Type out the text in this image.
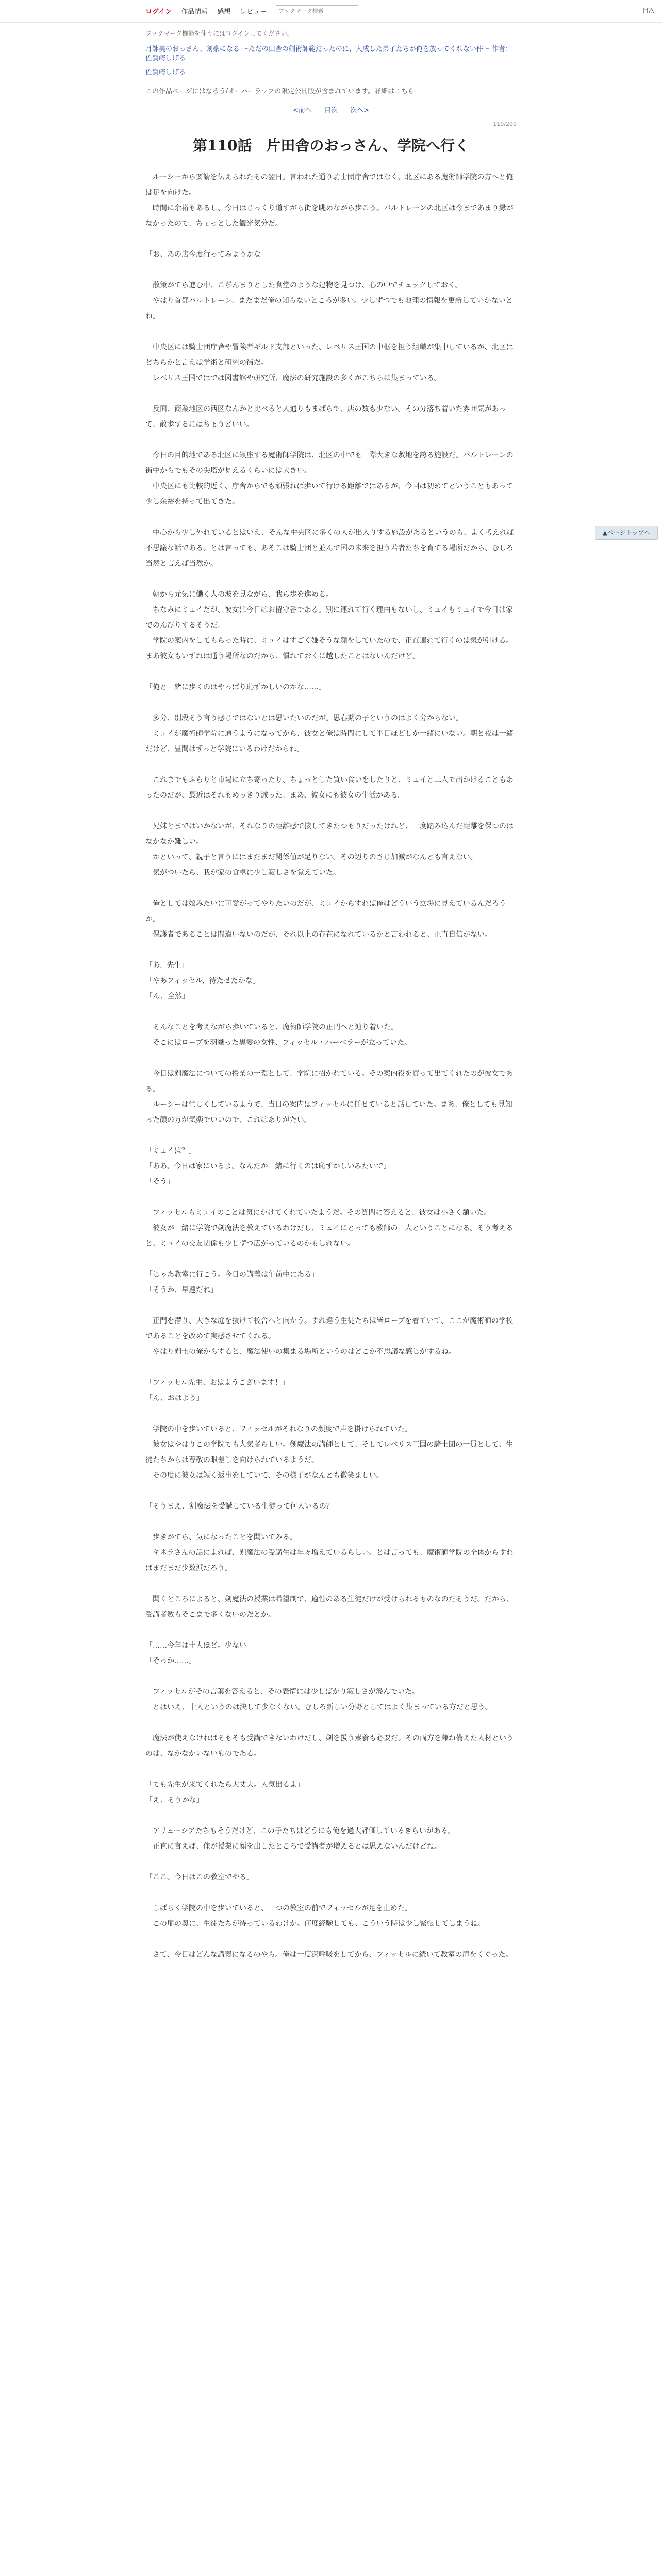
ログイン 作品情報 感想 レビュー
ブックマーク検索	目次

ブックマーク機能を使うにはログインしてください。

月詠美のおっさん、剣豪になる 〜ただの田舎の剣術師範だったのに、大成した弟子たちが俺を放ってくれない件〜 作者：佐賀崎しげる

佐賀崎しげる

この作品ページにはなろう/オーバーラップの限定公開版が含まれています。詳細はこちら

<前へ 目次 次へ>
110/299
第110話　片田舎のおっさん、学院へ行く

　ルーシーから要請を伝えられたその翌日。言われた通り騎士団庁舎ではなく、北区にある魔術師学院の方へと俺は足を向けた。

　時間に余裕もあるし、今日はじっくり道すがら街を眺めながら歩こう。バルトレーンの北区は今まであまり縁がなかったので、ちょっとした観光気分だ。

「お、あの店今度行ってみようかな」

　散策がてら進む中、こぢんまりとした食堂のような建物を見つけ、心の中でチェックしておく。

　やはり首都バルトレーン、まだまだ俺の知らないところが多い。少しずつでも地理の情報を更新していかないとね。

　中央区には騎士団庁舎や冒険者ギルド支部といった、レベリス王国の中枢を担う組織が集中しているが、北区はどちらかと言えば学術と研究の街だ。

　レベリス王国ではでは図書館や研究所、魔法の研究施設の多くがこちらに集まっている。

　反面、商業地区の西区なんかと比べると人通りもまばらで、店の数も少ない。その分落ち着いた雰囲気があって、散歩するにはちょうどいい。

　今日の目的地である北区に鎮座する魔術師学院は、北区の中でも一際大きな敷地を誇る施設だ。バルトレーンの街中からでもその尖塔が見えるくらいには大きい。

　中央区にも比較的近く、庁舎からでも頑張れば歩いて行ける距離ではあるが、今回は初めてということもあって少し余裕を持って出てきた。

　中心から少し外れているとはいえ、そんな中央区に多くの人が出入りする施設があるというのも、よく考えれば不思議な話である。とは言っても、あそこは騎士団と並んで国の未来を担う若者たちを育てる場所だから、むしろ当然と言えば当然か。

　朝から元気に働く人の波を見ながら、我ら歩を進める。

　ちなみにミュイだが、彼女は今日はお留守番である。別に連れて行く理由もないし、ミュイもミュイで今日は家でのんびりするそうだ。

　学院の案内をしてもらった時に、ミュイはすごく嫌そうな顔をしていたので、正直連れて行くのは気が引ける。まあ彼女もいずれは通う場所なのだから、慣れておくに越したことはないんだけど。

「俺と一緒に歩くのはやっぱり恥ずかしいのかな……」

　多分、別段そう言う感じではないとは思いたいのだが。思春期の子というのはよく分からない。

　ミュイが魔術師学院に通うようになってから、彼女と俺は時間にして半日ほどしか一緒にいない。朝と夜は一緒だけど、昼間はずっと学院にいるわけだからね。

　これまでもふらりと市場に立ち寄ったり、ちょっとした買い食いをしたりと、ミュイと二人で出かけることもあったのだが、最近はそれもめっきり減った。まあ、彼女にも彼女の生活がある。

　兄妹とまではいかないが、それなりの距離感で接してきたつもりだったけれど、一度踏み込んだ距離を保つのはなかなか難しい。

　かといって、親子と言うにはまだまだ関係値が足りない。その辺りのさじ加減がなんとも言えない。

　気がついたら、我が家の食卓に少し寂しさを覚えていた。

　俺としては娘みたいに可愛がってやりたいのだが、ミュイからすれば俺はどういう立場に見えているんだろうか。

　保護者であることは間違いないのだが、それ以上の存在になれているかと言われると、正直自信がない。

「あ、先生」

「やあフィッセル、待たせたかな」

「ん、全然」

　そんなことを考えながら歩いていると、魔術師学院の正門へと辿り着いた。

　そこにはローブを羽織った黒髪の女性、フィッセル・ハーベラーが立っていた。

　今日は剣魔法についての授業の一環として、学院に招かれている。その案内役を買って出てくれたのが彼女である。

　ルーシーは忙しくしているようで、当日の案内はフィッセルに任せていると話していた。まあ、俺としても見知った顔の方が気楽でいいので、これはありがたい。

「ミュイは？」

「ああ、今日は家にいるよ。なんだか一緒に行くのは恥ずかしいみたいで」

「そう」

　フィッセルもミュイのことは気にかけてくれていたようだ。その質問に答えると、彼女は小さく頷いた。

　彼女が一緒に学院で剣魔法を教えているわけだし、ミュイにとっても教師の一人ということになる。そう考えると、ミュイの交友関係も少しずつ広がっているのかもしれない。

「じゃあ教室に行こう。今日の講義は午前中にある」

「そうか、早速だね」

　正門を潜り、大きな庭を抜けて校舎へと向かう。すれ違う生徒たちは皆ローブを着ていて、ここが魔術師の学校であることを改めて実感させてくれる。

　やはり剣士の俺からすると、魔法使いの集まる場所というのはどこか不思議な感じがするね。

「フィッセル先生、おはようございます！」

「ん、おはよう」

　学院の中を歩いていると、フィッセルがそれなりの頻度で声を掛けられていた。

　彼女はやはりこの学院でも人気者らしい。剣魔法の講師として、そしてレベリス王国の騎士団の一員として、生徒たちからは尊敬の眼差しを向けられているようだ。

　その度に彼女は短く返事をしていて、その様子がなんとも微笑ましい。

「そうまえ、剣魔法を受講している生徒って何人いるの？」

　歩きがてら、気になったことを聞いてみる。

　キネラさんの話によれば、剣魔法の受講生は年々増えているらしい。とは言っても、魔術師学院の全体からすればまだまだ少数派だろう。

　聞くところによると、剣魔法の授業は希望制で、適性のある生徒だけが受けられるものなのだそうだ。だから、受講者数もそこまで多くないのだとか。

「……今年は十人ほど。少ない」

「そっか……」

　フィッセルがその言葉を答えると、その表情には少しばかり寂しさが滲んでいた。

　とはいえ、十人というのは決して少なくない。むしろ新しい分野としてはよく集まっている方だと思う。

　魔法が使えなければそもそも受講できないわけだし、剣を扱う素養も必要だ。その両方を兼ね備えた人材というのは、なかなかいないものである。

「でも先生が来てくれたら大丈夫。人気出るよ」

「え、そうかな」

　アリューシアたちもそうだけど、この子たちはどうにも俺を過大評価しているきらいがある。

　正直に言えば、俺が授業に顔を出したところで受講者が増えるとは思えないんだけどね。

「ここ。今日はこの教室でやる」

　しばらく学院の中を歩いていると、一つの教室の前でフィッセルが足を止めた。

　この扉の奥に、生徒たちが待っているわけか。何度経験しても、こういう時は少し緊張してしまうね。

　さて、今日はどんな講義になるのやら。俺は一度深呼吸をしてから、フィッセルに続いて教室の扉をくぐった。

▲ページトップへ
